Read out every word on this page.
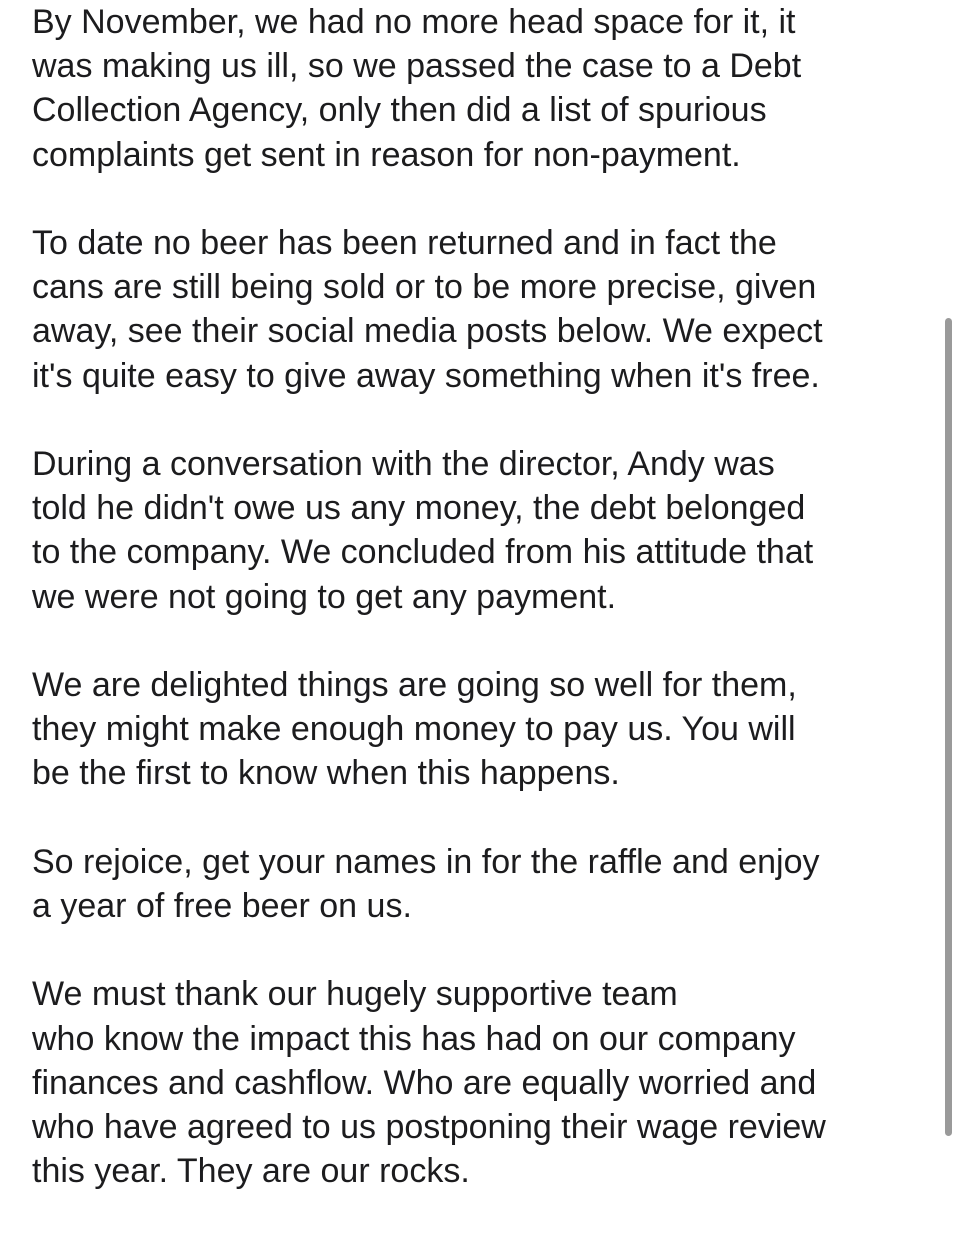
By November, we had no more head space for it, it
was making us ill, so we passed the case to a Debt
Collection Agency, only then did a list of spurious
complaints get sent in reason for non-payment.

To date no beer has been returned and in fact the
cans are still being sold or to be more precise, given
away, see their social media posts below. We expect
it's quite easy to give away something when it's free.

During a conversation with the director, Andy was
told he didn't owe us any money, the debt belonged
to the company. We concluded from his attitude that
we were not going to get any payment.

We are delighted things are going so well for them,
they might make enough money to pay us. You will
be the first to know when this happens.

So rejoice, get your names in for the raffle and enjoy
a year of free beer on us.

We must thank our hugely supportive team
who know the impact this has had on our company
finances and cashflow. Who are equally worried and
who have agreed to us postponing their wage review
this year. They are our rocks.
